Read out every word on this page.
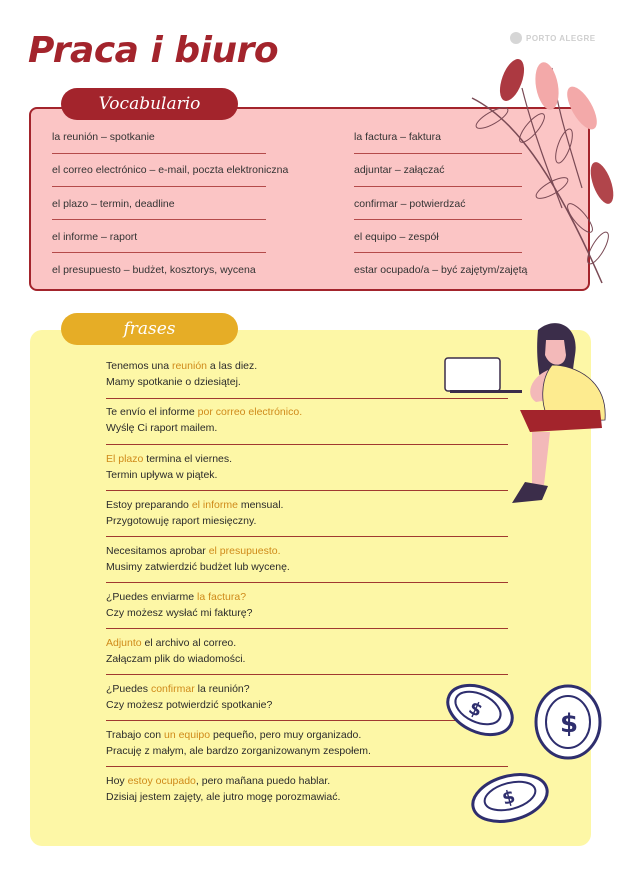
Praca i biuro	PORTO ALEGRE
Vocabulario
la reunión – spotkanie
el correo electrónico – e-mail, poczta elektroniczna
el plazo – termin, deadline
el informe – raport
el presupuesto – budżet, kosztorys, wycena
la factura – faktura
adjuntar – załączać
confirmar – potwierdzać
el equipo – zespół
estar ocupado/a – być zajętym/zajętą
frases
Tenemos una reunión a las diez.
Mamy spotkanie o dziesiątej.
Te envío el informe por correo electrónico.
Wyślę Ci raport mailem.
El plazo termina el viernes.
Termin upływa w piątek.
Estoy preparando el informe mensual.
Przygotowuję raport miesięczny.
Necesitamos aprobar el presupuesto.
Musimy zatwierdzić budżet lub wycenę.
¿Puedes enviarme la factura?
Czy możesz wysłać mi fakturę?
Adjunto el archivo al correo.
Załączam plik do wiadomości.
¿Puedes confirmar la reunión?
Czy możesz potwierdzić spotkanie?
Trabajo con un equipo pequeño, pero muy organizado.
Pracuję z małym, ale bardzo zorganizowanym zespołem.
Hoy estoy ocupado, pero mañana puedo hablar.
Dzisiaj jestem zajęty, ale jutro mogę porozmawiać.
$	$
$
